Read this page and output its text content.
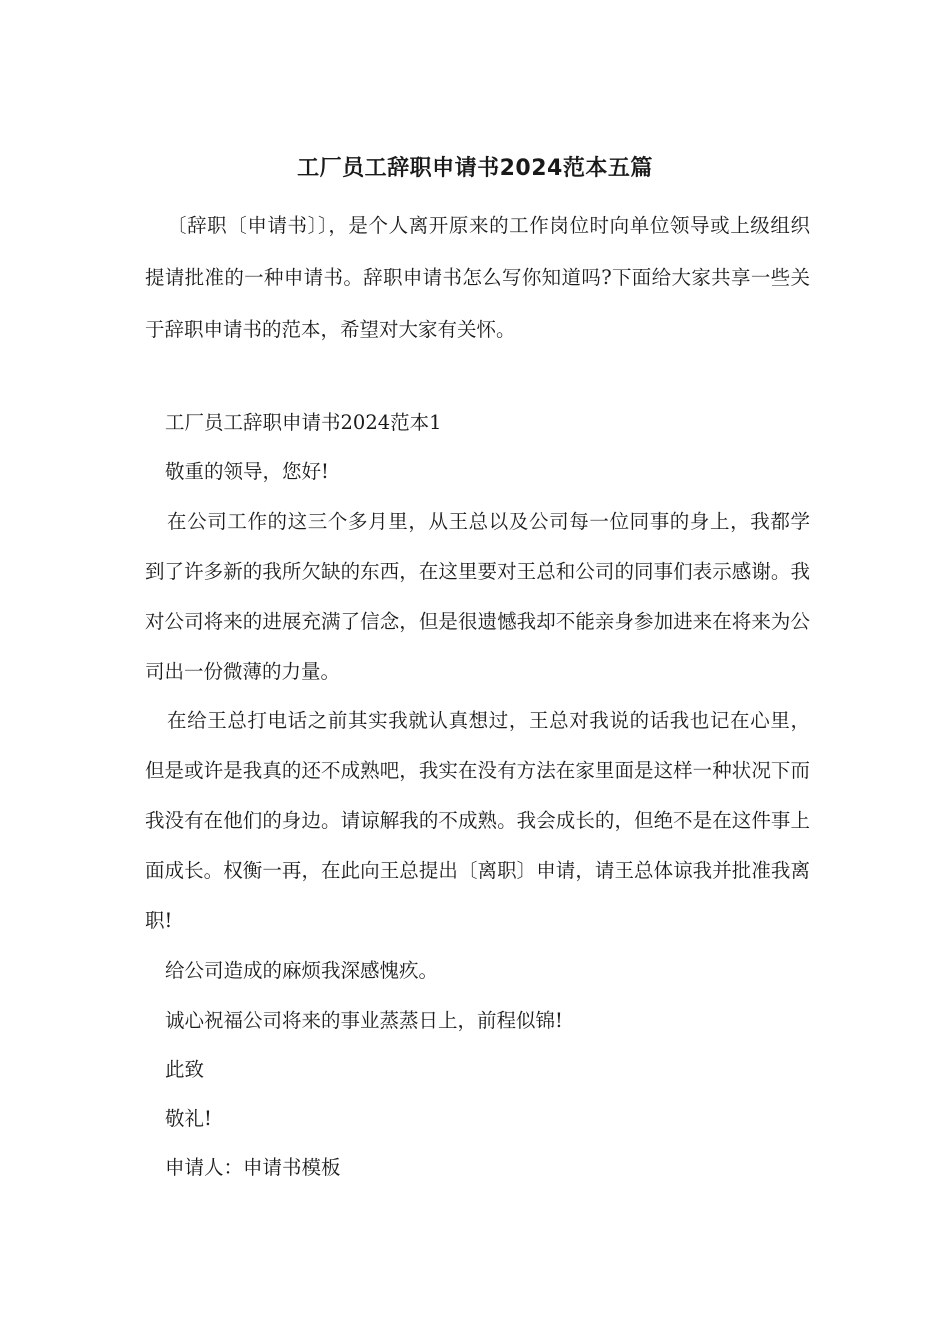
工厂员工辞职申请书2024范本五篇

〔辞职〔申请书〕〕，是个人离开原来的工作岗位时向单位领导或上级组织提请批准的一种申请书。辞职申请书怎么写你知道吗?下面给大家共享一些关于辞职申请书的范本，希望对大家有关怀。

工厂员工辞职申请书2024范本1

敬重的领导，您好!

在公司工作的这三个多月里，从王总以及公司每一位同事的身上，我都学到了许多新的我所欠缺的东西，在这里要对王总和公司的同事们表示感谢。我对公司将来的进展充满了信念，但是很遗憾我却不能亲身参加进来在将来为公司出一份微薄的力量。

在给王总打电话之前其实我就认真想过，王总对我说的话我也记在心里，但是或许是我真的还不成熟吧，我实在没有方法在家里面是这样一种状况下而我没有在他们的身边。请谅解我的不成熟。我会成长的，但绝不是在这件事上面成长。权衡一再，在此向王总提出〔离职〕申请，请王总体谅我并批准我离职!

给公司造成的麻烦我深感愧疚。

诚心祝福公司将来的事业蒸蒸日上，前程似锦!

此致

敬礼!

申请人：申请书模板
